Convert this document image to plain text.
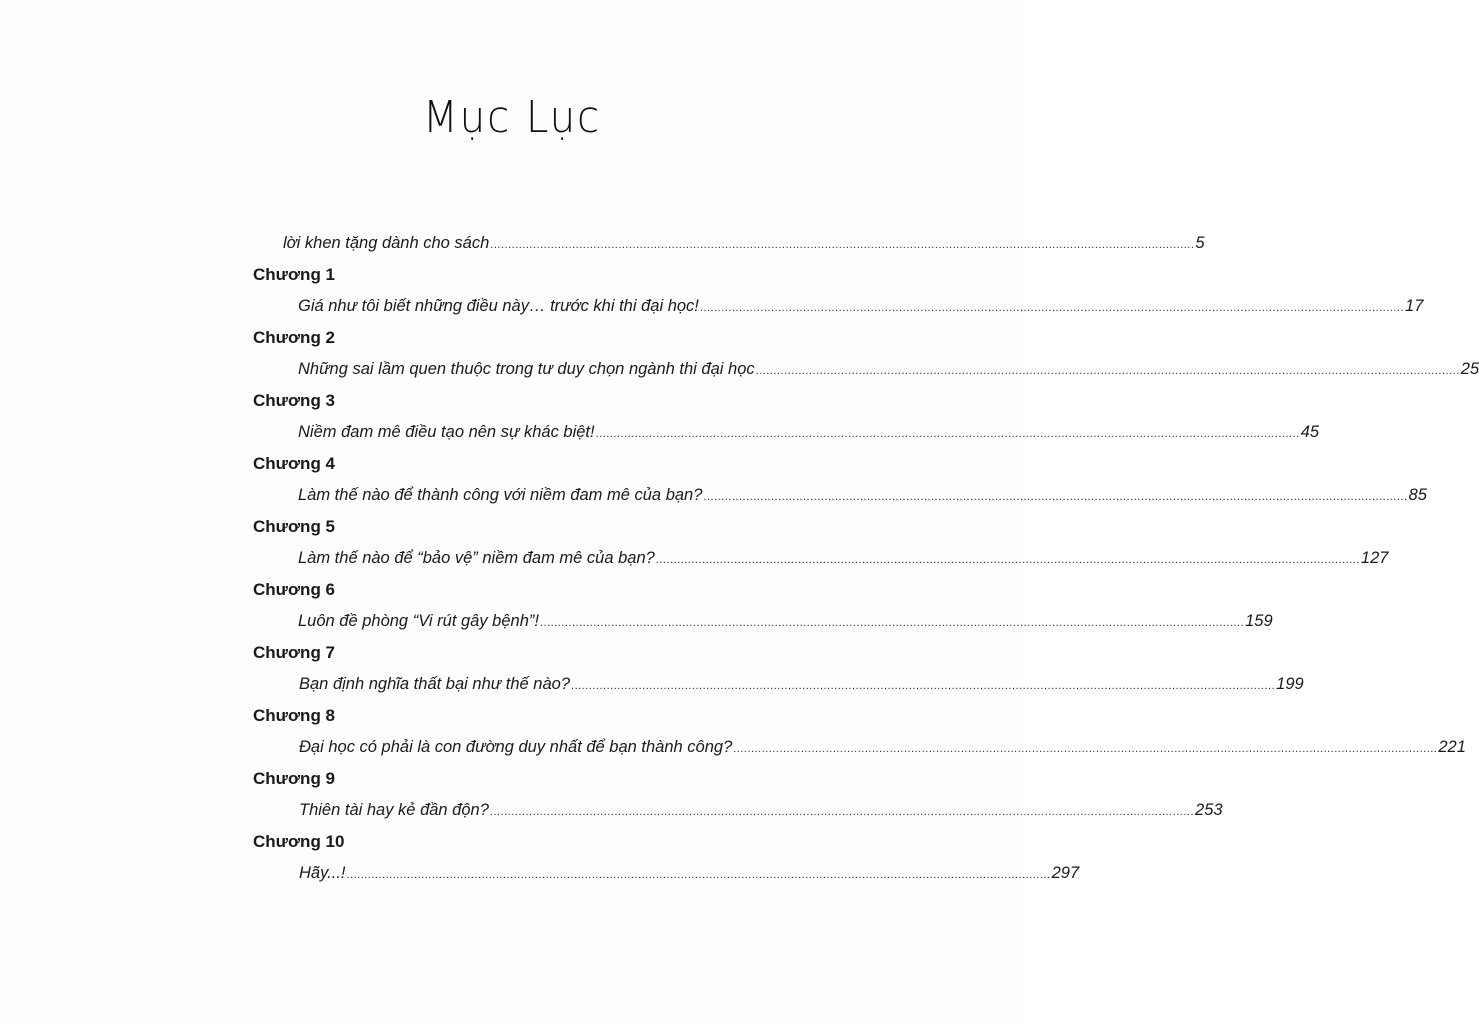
Mục Lục
lời khen tặng dành cho sách ...................................................................................................................................................................................................... 5
Chương 1
Giá như tôi biết những điều này… trước khi thi đại học! ...................................................................................................................................................................................................... 17
Chương 2
Những sai lầm quen thuộc trong tư duy chọn ngành thi đại học ...................................................................................................................................................................................................... 25
Chương 3
Niềm đam mê điều tạo nên sự khác biệt! ...................................................................................................................................................................................................... 45
Chương 4
Làm thế nào để thành công với niềm đam mê của bạn? ...................................................................................................................................................................................................... 85
Chương 5
Làm thế nào để “bảo vệ” niềm đam mê của bạn? ...................................................................................................................................................................................................... 127
Chương 6
Luôn đề phòng “Vi rút gây bệnh”! ...................................................................................................................................................................................................... 159
Chương 7
Bạn định nghĩa thất bại như thế nào? ...................................................................................................................................................................................................... 199
Chương 8
Đại học có phải là con đường duy nhất để bạn thành công? ...................................................................................................................................................................................................... 221
Chương 9
Thiên tài hay kẻ đần độn? ...................................................................................................................................................................................................... 253
Chương 10
Hãy...! ...................................................................................................................................................................................................... 297
